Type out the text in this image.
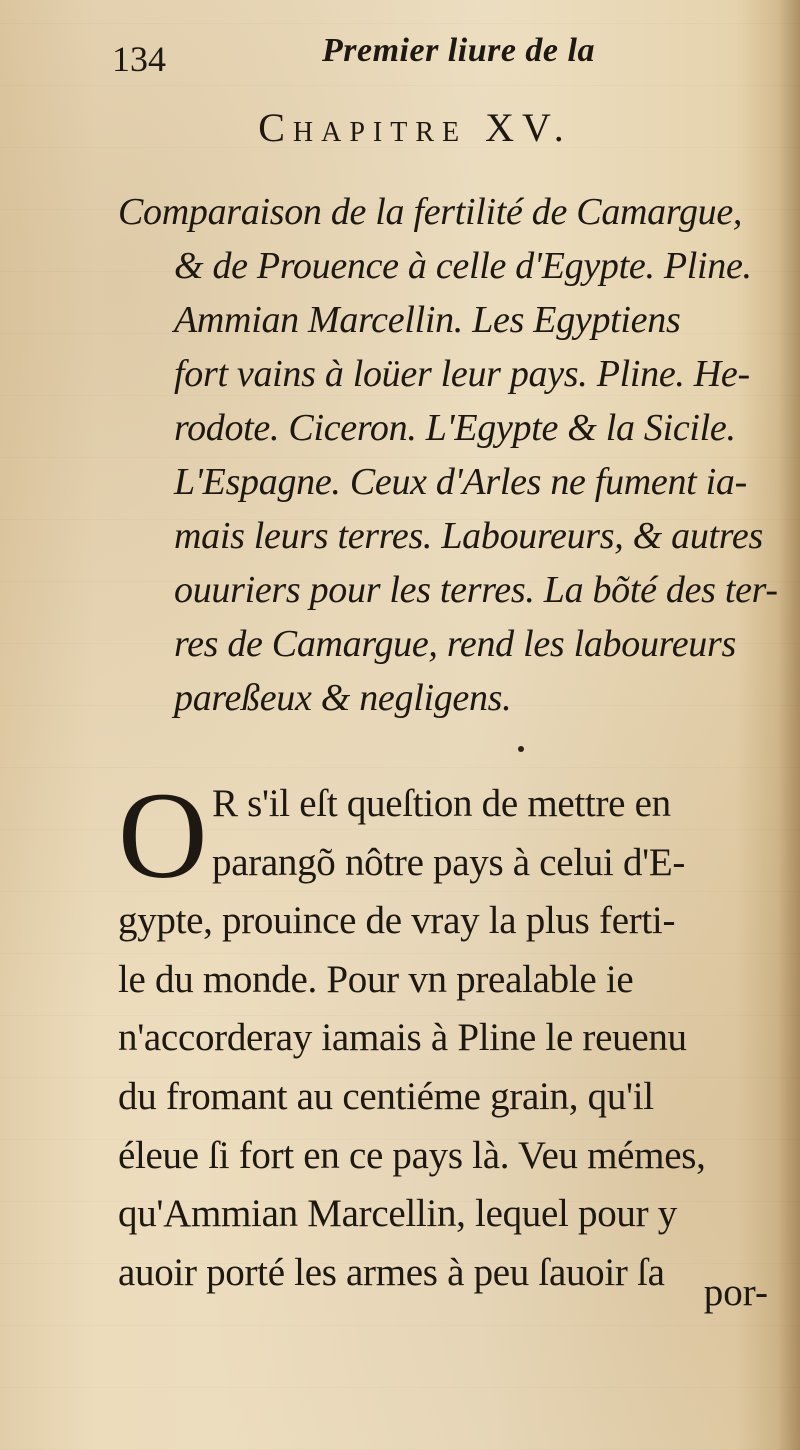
134	Premier liure de la
Chapitre XV.
Comparaison de la fertilité de Camargue,
& de Prouence à celle d'Egypte. Pline.
Ammian Marcellin. Les Egyptiens
fort vains à loüer leur pays. Pline. He-
rodote. Ciceron. L'Egypte & la Sicile.
L'Espagne. Ceux d'Arles ne fument ia-
mais leurs terres. Laboureurs, & autres
ouuriers pour les terres. La bõté des ter-
res de Camargue, rend les laboureurs
pareßeux & negligens.
O R s'il eſt queſtion de mettre en
parangõ nôtre pays à celui d'E-
gypte, prouince de vray la plus ferti-
le du monde. Pour vn prealable ie
n'accorderay iamais à Pline le reuenu
du fromant au centiéme grain, qu'il
éleue ſi fort en ce pays là. Veu mémes,
qu'Ammian Marcellin, lequel pour y
auoir porté les armes à peu ſauoir ſa	por-
